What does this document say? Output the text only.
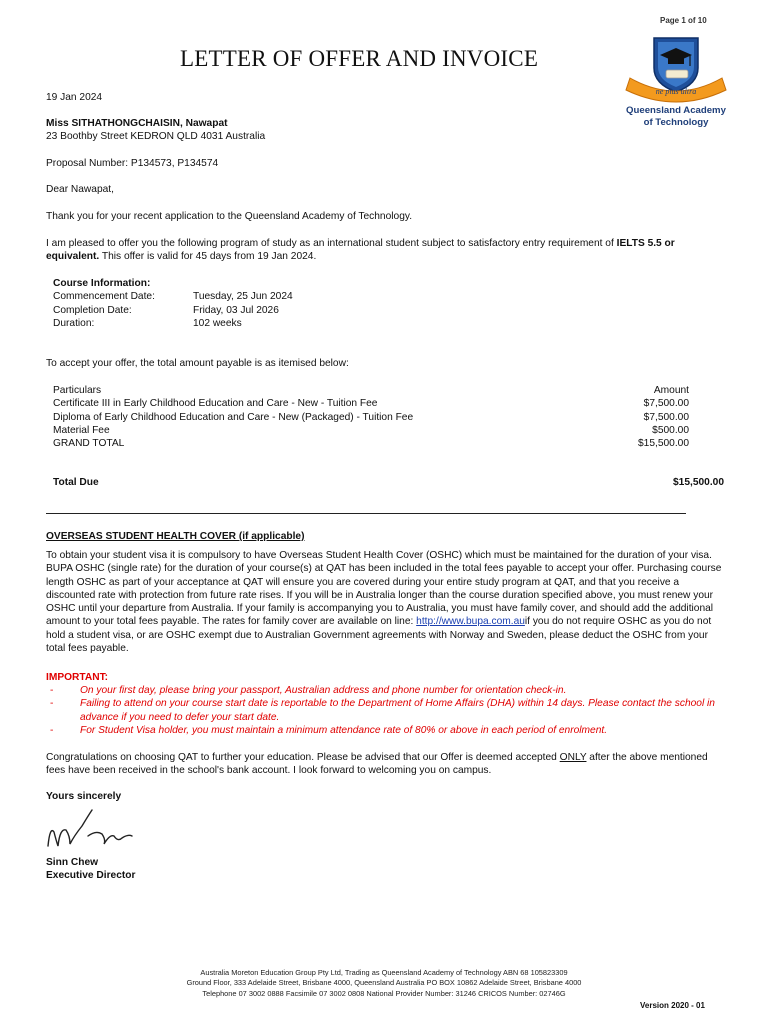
Page 1 of 10
LETTER OF OFFER AND INVOICE
ne plus ultra
Queensland Academy
of Technology
19 Jan 2024
Miss SITHATHONGCHAISIN, Nawapat
23 Boothby Street KEDRON QLD 4031 Australia
Proposal Number: P134573, P134574
Dear Nawapat,
Thank you for your recent application to the Queensland Academy of Technology.
I am pleased to offer you the following program of study as an international student subject to satisfactory entry requirement of IELTS 5.5 or equivalent. This offer is valid for 45 days from 19 Jan 2024.
Course Information:
Commencement Date:	Tuesday, 25 Jun 2024
Completion Date:	Friday, 03 Jul 2026
Duration:	102 weeks
To accept your offer, the total amount payable is as itemised below:
Particulars	Amount
Certificate III in Early Childhood Education and Care - New - Tuition Fee	$7,500.00
Diploma of Early Childhood Education and Care - New (Packaged) - Tuition Fee	$7,500.00
Material Fee	$500.00
GRAND TOTAL	$15,500.00
Total Due	$15,500.00
OVERSEAS STUDENT HEALTH COVER (if applicable)
To obtain your student visa it is compulsory to have Overseas Student Health Cover (OSHC) which must be maintained for the duration of your visa. BUPA OSHC (single rate) for the duration of your course(s) at QAT has been included in the total fees payable to accept your offer. Purchasing course length OSHC as part of your acceptance at QAT will ensure you are covered during your entire study program at QAT, and that you receive a discounted rate with protection from future rate rises. If you will be in Australia longer than the course duration specified above, you must renew your OSHC until your departure from Australia. If your family is accompanying you to Australia, you must have family cover, and should add the additional amount to your total fees payable. The rates for family cover are available on line: http://www.bupa.com.auif you do not require OSHC as you do not hold a student visa, or are OSHC exempt due to Australian Government agreements with Norway and Sweden, please deduct the OSHC from your total fees payable.
IMPORTANT:
-	On your first day, please bring your passport, Australian address and phone number for orientation check-in.
-	Failing to attend on your course start date is reportable to the Department of Home Affairs (DHA) within 14 days. Please contact the school in advance if you need to defer your start date.
-	For Student Visa holder, you must maintain a minimum attendance rate of 80% or above in each period of enrolment.
Congratulations on choosing QAT to further your education. Please be advised that our Offer is deemed accepted ONLY after the above mentioned fees have been received in the school's bank account. I look forward to welcoming you on campus.
Yours sincerely
Sinn Chew
Executive Director
Australia Moreton Education Group Pty Ltd, Trading as Queensland Academy of Technology ABN 68 105823309
Ground Floor, 333 Adelaide Street, Brisbane 4000, Queensland Australia PO BOX 10862 Adelaide Street, Brisbane 4000
Telephone 07 3002 0888 Facsimile 07 3002 0808 National Provider Number: 31246 CRICOS Number: 02746G
Version 2020 - 01
